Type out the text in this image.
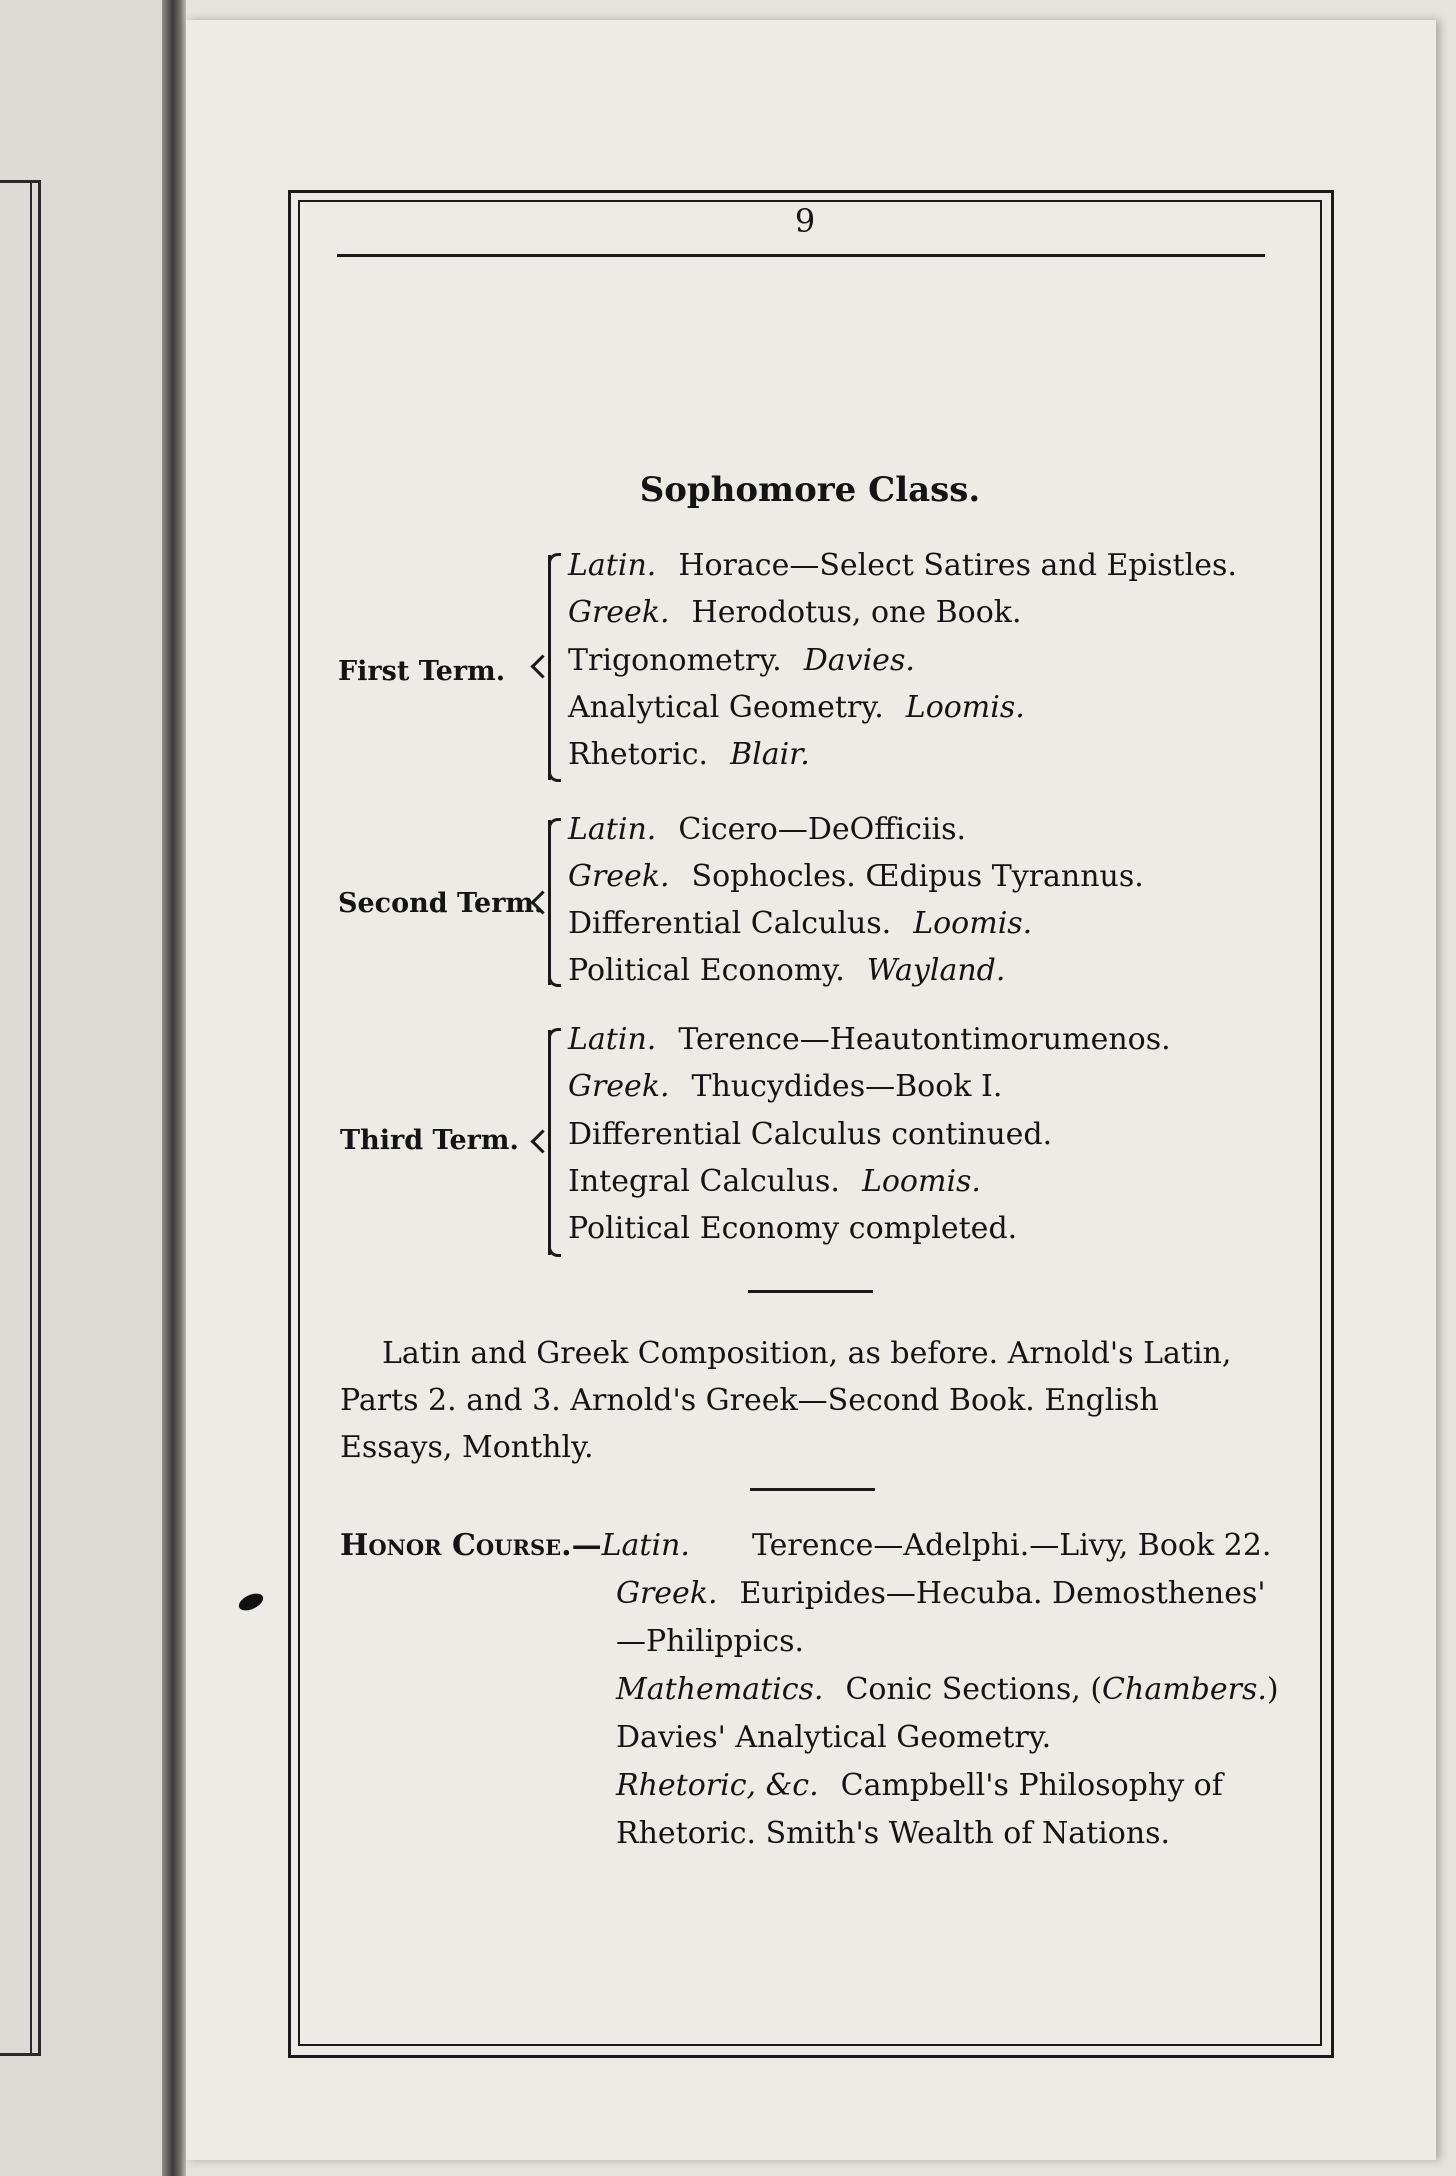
9
Sophomore Class.
First Term.
Latin. Horace—Select Satires and Epistles.
Greek. Herodotus, one Book.
Trigonometry. Davies.
Analytical Geometry. Loomis.
Rhetoric. Blair.
Second Term.
Latin. Cicero—DeOfficiis.
Greek. Sophocles. Œdipus Tyrannus.
Differential Calculus. Loomis.
Political Economy. Wayland.
Third Term.
Latin. Terence—Heautontimorumenos.
Greek. Thucydides—Book I.
Differential Calculus continued.
Integral Calculus. Loomis.
Political Economy completed.
Latin and Greek Composition, as before. Arnold's Latin,
Parts 2. and 3. Arnold's Greek—Second Book. English
Essays, Monthly.
Honor Course.—Latin. Terence—Adelphi.—Livy, Book 22.
Greek. Euripides—Hecuba. Demosthenes'
—Philippics.
Mathematics. Conic Sections, (Chambers.)
Davies' Analytical Geometry.
Rhetoric, &c. Campbell's Philosophy of
Rhetoric. Smith's Wealth of Nations.
